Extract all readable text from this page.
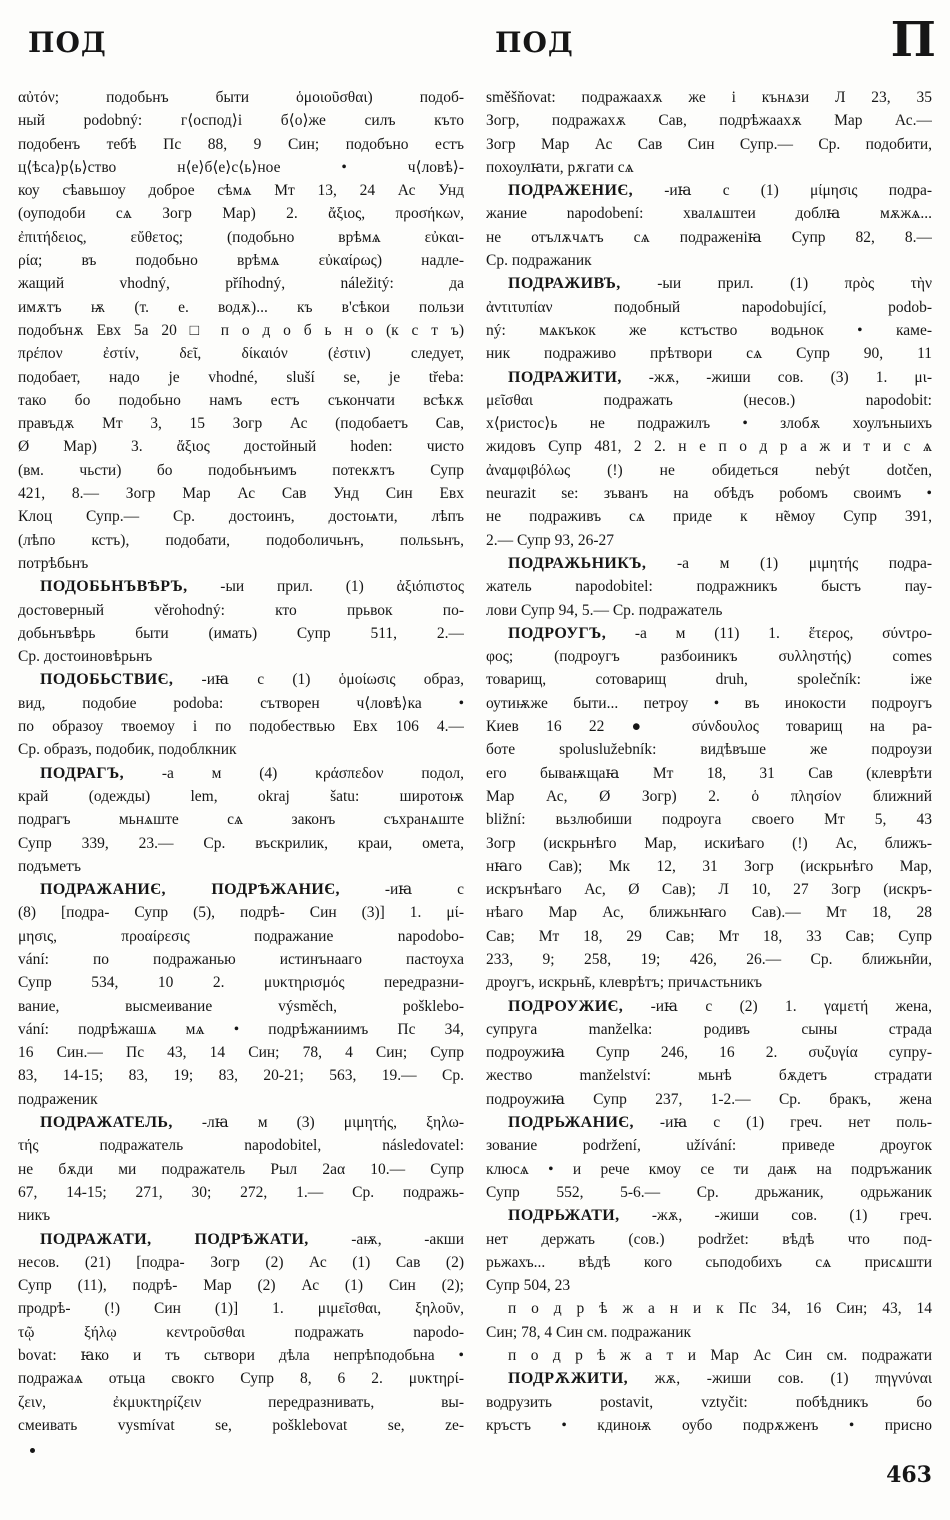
ПОД	ПОД	П
αὐτόν; подобьнъ быти ὁμοιοῦσθαι) подоб-
ный podobný: г⟨оспод⟩і б⟨о⟩же силъ къто
подобенъ тебѣ Пс 88, 9 Син; подобъно естъ
ц⟨ѣса⟩р⟨ь⟩ство н⟨е⟩б⟨е⟩с⟨ь⟩ное • ч⟨ловѣ⟩-
коу сѣавьшоу доброе сѣмѧ Мт 13, 24 Ас Унд
(оуподоби сѧ Зогр Мар) 2. ἄξιος, προσήκων,
ἐπιτήδειος, εὔθετος; (подобьно врѣмѧ εὐκαι-
ρία; въ подобьно врѣмѧ εὐκαίρως) надле-
жащий vhodný, příhodný, náležitý: да
имѫтъ ѭ (т. е. водѫ)... къ в'сѣкои пользи
подобънѫ Евх 5а 20 □ п о д о б ь н о (к с т ъ)
πρέπον ἐστίν, δεῖ, δίκαιόν (ἐστιν) следует,
подобает, надо je vhodné, sluší se, je třeba:
тако бо подобьно намъ естъ съкончати всѣкѫ
правъдѫ Мт 3, 15 Зогр Ас (подобаетъ Сав,
Ø Мар) 3. ἄξιος достойный hoden: чисто
(вм. чьсти) бо подобьнъимъ потекѫтъ Супр
421, 8.— Зогр Мар Ас Сав Унд Син Евх
Клоц Супр.— Ср. достоинъ, достоѩти, лѣпъ
(лѣпо кстъ), подобати, подоболичьнъ, польѕьнъ,
потрѣбьнъ
ПОДОБЬНЪВѢРЪ, -ыи прил. (1) ἀξιόπιστος
достоверный věrohodný: кто прьвок по-
добьнъвѣрь быти (имать) Супр 511, 2.—
Ср. достоиновѣрьнъ
ПОДОБЬСТВИЄ, -иꙗ с (1) ὁμοίωσις образ,
вид, подобие podoba: сътворен ч⟨ловѣ⟩ка •
по образоу твоемоу і по подобествью Евх 106 4.—
Ср. образъ, подобик, подоблкник
ПОДРАГЪ, -а м (4) κράσπεδον подол,
край (одежды) lem, okraj šatu: широтоѭ
подрагъ мьнѧште сѧ законъ съхранѧште
Супр 339, 23.— Ср. въскрилик, краи, омета,
подъметъ
ПОДРАЖАНИЄ, ПОДРѢЖАНИЄ, -иꙗ с
(8) [подра- Супр (5), подрѣ- Син (3)] 1. μί-
μησις, προαίρεσις подражание napodobo-
vání: по подражанью истинънааго пастоуха
Супр 534, 10 2. μυκτηρισμός передразни-
вание, высмеивание výsměch, pošklebo-
vání: подрѣжашѧ мѧ • подрѣжаниимъ Пс 34,
16 Син.— Пс 43, 14 Син; 78, 4 Син; Супр
83, 14-15; 83, 19; 83, 20-21; 563, 19.— Ср.
подраженик
ПОДРАЖАТЕЛЬ, -лꙗ м (3) μιμητής, ξηλω-
τής подражатель napodobitel, následovatel:
не бѫди ми подражатель Рыл 2аα 10.— Супр
67, 14-15; 271, 30; 272, 1.— Ср. подражь-
никъ
ПОДРАЖАТИ, ПОДРѢЖАТИ, -аѭ, -акши
несов. (21) [подра- Зогр (2) Ас (1) Сав (2)
Супр (11), подрѣ- Мар (2) Ас (1) Син (2);
продрѣ- (!) Син (1)] 1. μιμεῖσθαι, ξηλοῦν,
τῷ ξήλῳ κεντροῦσθαι подражать napodo-
bovat: ꙗко и тъ сьтвори дѣла непрѣподобьна •
подражаѧ отьца свокго Супр 8, 6 2. μυκτηρί-
ζειν, ἐκμυκτηρίζειν передразнивать, вы-
смеивать vysmívat se, pošklebovat se, ze-
směšňovat: подражаахѫ же і кънѧзи Л 23, 35
Зогр, подражахѫ Сав, подрѣжаахѫ Мар Ас.—
Зогр Мар Ас Сав Син Супр.— Ср. подобити,
похоулꙗти, рѫгати сѧ
ПОДРАЖЕНИЄ, -иꙗ с (1) μίμησις подра-
жание napodobení: хвалѧштеи доблꙗ мѫжѧ...
не отълѫчѧтъ сѧ подраженіꙗ Супр 82, 8.—
Ср. подражаник
ПОДРАЖИВЪ, -ыи прил. (1) πρὸς τὴν
ἀντιτυπίαν подобный napodobující, podob-
ný: мѧкъкок же кстъство водьнок • каме-
ник подраживо прѣтвори сѧ Супр 90, 11
ПОДРАЖИТИ, -жѫ, -жиши сов. (3) 1. μι-
μεῖσθαι подражать (несов.) napodobit:
х⟨ристос⟩ь не подражилъ • злобѫ хоулъныихъ
жидовъ Супр 481, 2 2. н е п о д р а ж и т и с ѧ
ἀναμφιβόλως (!) не обидеться nebýt dotčen,
neurazit se: зъванъ на обѣдъ робомъ своимъ •
не подраживъ сѧ приде к н̃емоу Супр 391,
2.— Супр 93, 26-27
ПОДРАЖЬНИКЪ, -а м (1) μιμητής подра-
жатель napodobitel: подражникъ быстъ пау-
лови Супр 94, 5.— Ср. подражатель
ПОДРОУГЪ, -а м (11) 1. ἕτερος, σύντρο-
φος; (подроугъ разбоиникъ συλληστής) comes
товарищ, сотоварищ druh, společník: іже
оутиѭже быти... петроу • въ инокости подроугъ
Киев 16 22 ● σύνδουλος товарищ на ра-
боте spoluslužebník: видѣвъше же подроузи
его бываѭщаꙗ Мт 18, 31 Сав (клеврѣти
Мар Ас, Ø Зогр) 2. ὁ πλησίον ближний
bližní: вьзлюбиши подроуга своего Мт 5, 43
Зогр (искрьнѣго Мар, искиѣаго (!) Ас, ближъ-
нꙗго Сав); Мк 12, 31 Зогр (искрьнѣго Мар,
искрънѣаго Ас, Ø Сав); Л 10, 27 Зогр (искръ-
нѣаго Мар Ас, ближьнꙗго Сав).— Мт 18, 28
Сав; Мт 18, 29 Сав; Мт 18, 33 Сав; Супр
233, 9; 258, 19; 426, 26.— Ср. ближьн̃ии,
дроугъ, искрьн̃ь, клеврѣтъ; причѧстьникъ
ПОДРОУЖИЄ, -иꙗ с (2) 1. γαμετή жена,
супруга manželka: родивъ сыны страда
подроужиꙗ Супр 246, 16 2. συζυγία супру-
жество manželství: мьнѣ бѫдетъ страдати
подроужиꙗ Супр 237, 1-2.— Ср. бракъ, жена
ПОДРЬЖАНИЄ, -иꙗ с (1) греч. нет поль-
зование podržení, užívání: приведе дроугок
клюсѧ • и рече кмоу се ти даѭ на подръжаник
Супр 552, 5-6.— Ср. дрьжаник, одрьжаник
ПОДРЬЖАТИ, -жѫ, -жиши сов. (1) греч.
нет держать (сов.) podržet: вѣдѣ что под-
рьжахъ... вѣдѣ кого сьподобихъ сѧ присѧшти
Супр 504, 23
п о д р ѣ ж а н и к Пс 34, 16 Син; 43, 14
Син; 78, 4 Син см. подражаник
п о д р ѣ ж а т и Мар Ас Син см. подражати
ПОДРѪЖИТИ, жѫ, -жиши сов. (1) πηγνύναι
водрузить postavit, vztyčit: побѣдникъ бо
кръстъ • кдиноѭ оубо подрѫженъ • присно
463
